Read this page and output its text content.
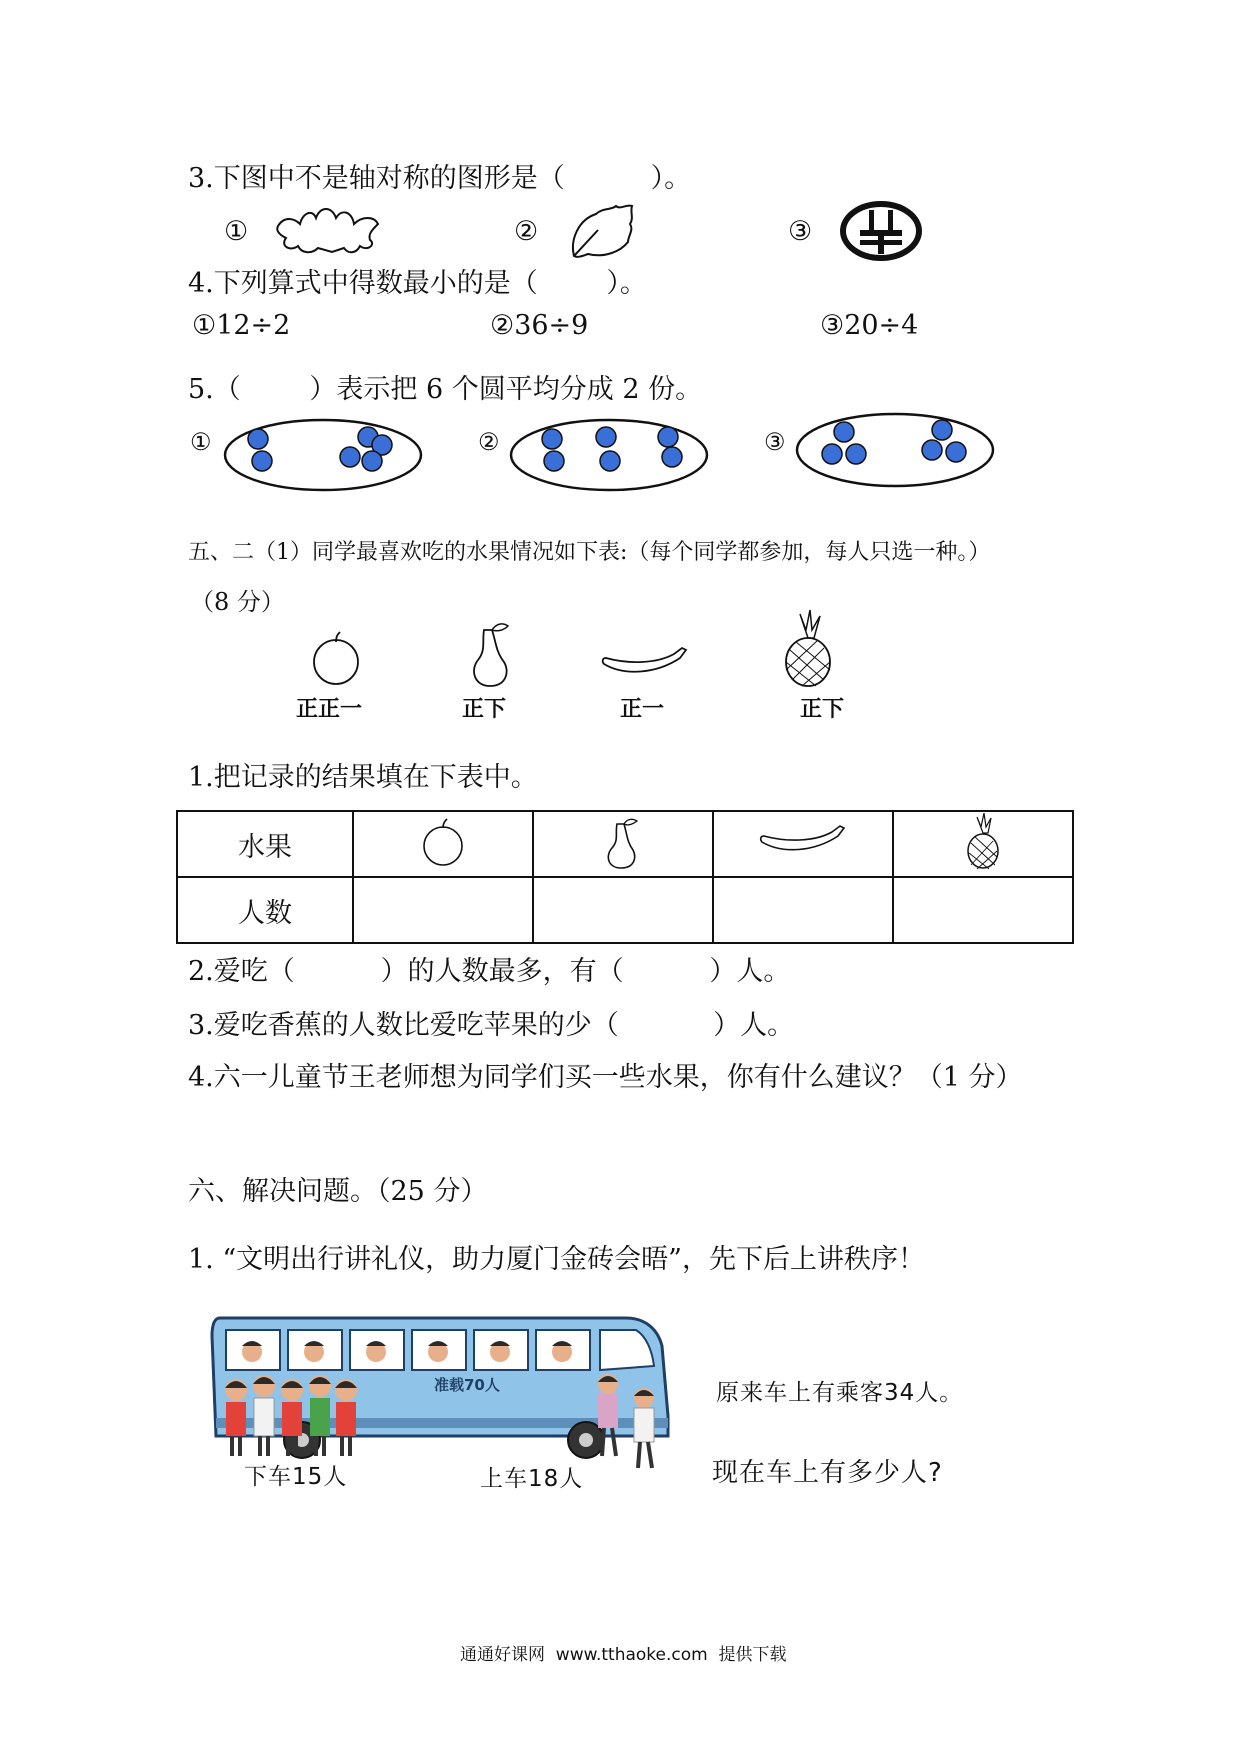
3.下图中不是轴对称的图形是（          ）。
①	②	③
4.下列算式中得数最小的是（        ）。
①12÷2	②36÷9	③20÷4
5.（        ）表示把 6 个圆平均分成 2 份。
①	②	③
五、二（1）同学最喜欢吃的水果情况如下表:（每个同学都参加，每人只选一种。）
（8 分）
正正一	正下	正一	正下
1.把记录的结果填在下表中。
水果				
人数				
2.爱吃（          ）的人数最多，有（          ）人。
3.爱吃香蕉的人数比爱吃苹果的少（           ）人。
4.六一儿童节王老师想为同学们买一些水果，你有什么建议？（1 分）
六、解决问题。（25 分）
1. “文明出行讲礼仪，助力厦门金砖会晤”，先下后上讲秩序！
准载70人
下车15人	上车18人
原来车上有乘客34人。
现在车上有多少人?
通通好课网  www.tthaoke.com  提供下载
